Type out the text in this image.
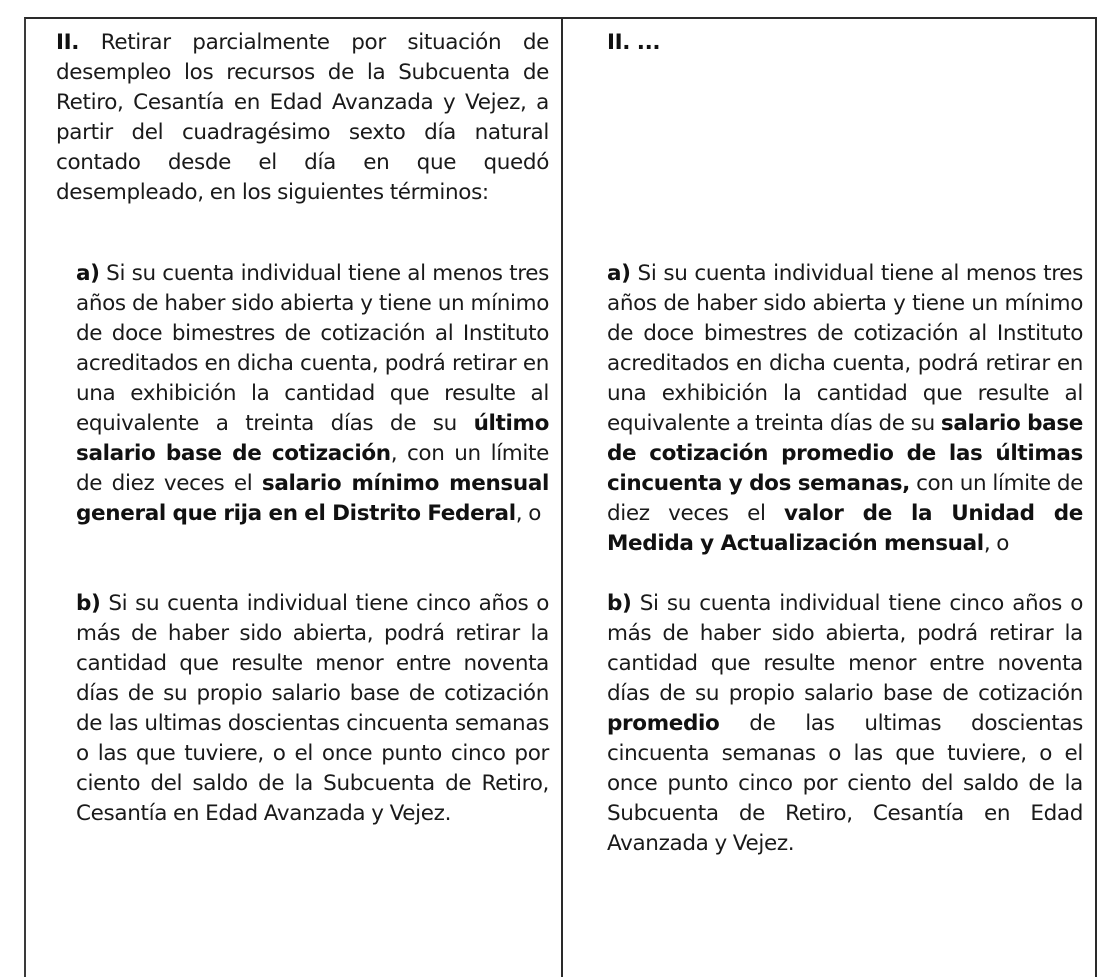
II. Retirar parcialmente por situación de desempleo los recursos de la Subcuenta de Retiro, Cesantía en Edad Avanzada y Vejez, a partir del cuadragésimo sexto día natural contado desde el día en que quedó desempleado, en los siguientes términos:

a) Si su cuenta individual tiene al menos tres años de haber sido abierta y tiene un mínimo de doce bimestres de cotización al Instituto acreditados en dicha cuenta, podrá retirar en una exhibición la cantidad que resulte al equivalente a treinta días de su último salario base de cotización, con un límite de diez veces el salario mínimo mensual general que rija en el Distrito Federal, o

b) Si su cuenta individual tiene cinco años o más de haber sido abierta, podrá retirar la cantidad que resulte menor entre noventa días de su propio salario base de cotización de las ultimas doscientas cincuenta semanas o las que tuviere, o el once punto cinco por ciento del saldo de la Subcuenta de Retiro, Cesantía en Edad Avanzada y Vejez.

II. ...

a) Si su cuenta individual tiene al menos tres años de haber sido abierta y tiene un mínimo de doce bimestres de cotización al Instituto acreditados en dicha cuenta, podrá retirar en una exhibición la cantidad que resulte al equivalente a treinta días de su salario base de cotización promedio de las últimas cincuenta y dos semanas, con un límite de diez veces el valor de la Unidad de Medida y Actualización mensual, o

b) Si su cuenta individual tiene cinco años o más de haber sido abierta, podrá retirar la cantidad que resulte menor entre noventa días de su propio salario base de cotización promedio de las ultimas doscientas cincuenta semanas o las que tuviere, o el once punto cinco por ciento del saldo de la Subcuenta de Retiro, Cesantía en Edad Avanzada y Vejez.
